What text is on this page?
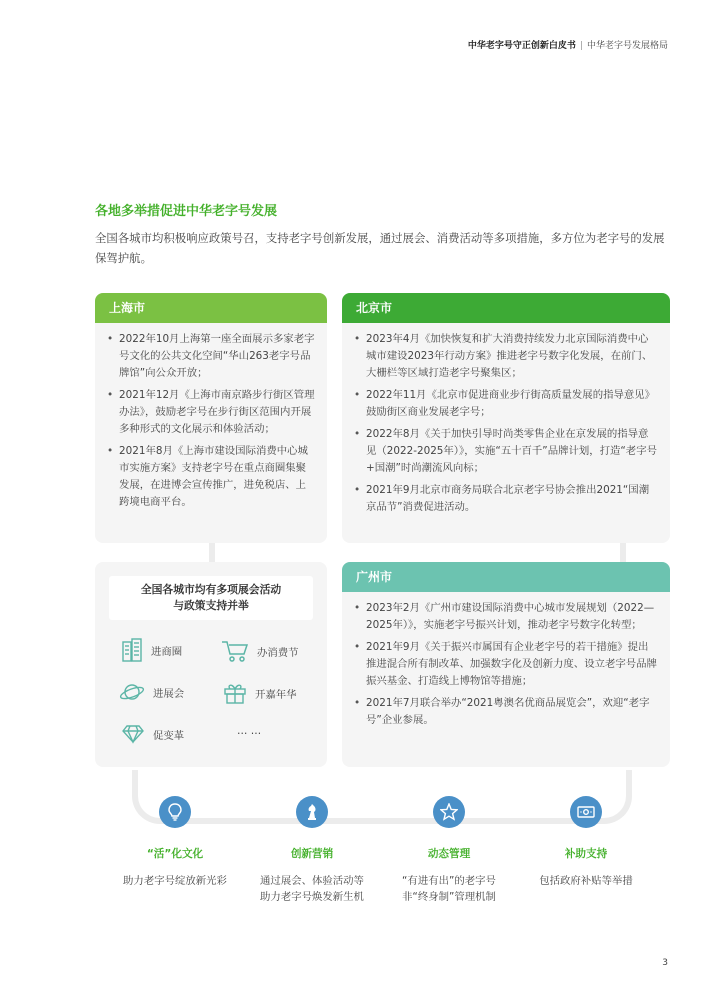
中华老字号守正创新白皮书 | 中华老字号发展格局
各地多举措促进中华老字号发展

全国各城市均积极响应政策号召，支持老字号创新发展，通过展会、消费活动等多项措施，多方位为老字号的发展保驾护航。

上海市
• 2022年10月上海第一座全面展示多家老字号文化的公共文化空间“华山263老字号品牌馆”向公众开放；
• 2021年12月《上海市南京路步行街区管理办法》，鼓励老字号在步行街区范围内开展多种形式的文化展示和体验活动；
• 2021年8月《上海市建设国际消费中心城市实施方案》支持老字号在重点商圈集聚发展，在进博会宣传推广，进免税店、上跨境电商平台。
北京市
• 2023年4月《加快恢复和扩大消费持续发力北京国际消费中心城市建设2023年行动方案》推进老字号数字化发展，在前门、大栅栏等区域打造老字号聚集区；
• 2022年11月《北京市促进商业步行街高质量发展的指导意见》鼓励街区商业发展老字号；
• 2022年8月《关于加快引导时尚类零售企业在京发展的指导意见（2022-2025年）》，实施“五十百千”品牌计划，打造“老字号+国潮”时尚潮流风向标；
• 2021年9月北京市商务局联合北京老字号协会推出2021“国潮京品节”消费促进活动。
全国各城市均有多项展会活动
与政策支持并举
进商圈	办消费节
进展会	开嘉年华
促变革	… …
广州市
• 2023年2月《广州市建设国际消费中心城市发展规划（2022—2025年）》，实施老字号振兴计划，推动老字号数字化转型；
• 2021年9月《关于振兴市属国有企业老字号的若干措施》提出推进混合所有制改革、加强数字化及创新力度、设立老字号品牌振兴基金、打造线上博物馆等措施；
• 2021年7月联合举办“2021粤澳名优商品展览会”，欢迎“老字号”企业参展。
“活”化文化	创新营销	动态管理	补助支持
助力老字号绽放新光彩	通过展会、体验活动等
助力老字号焕发新生机
“有进有出”的老字号
非“终身制”管理机制
包括政府补贴等举措
3
